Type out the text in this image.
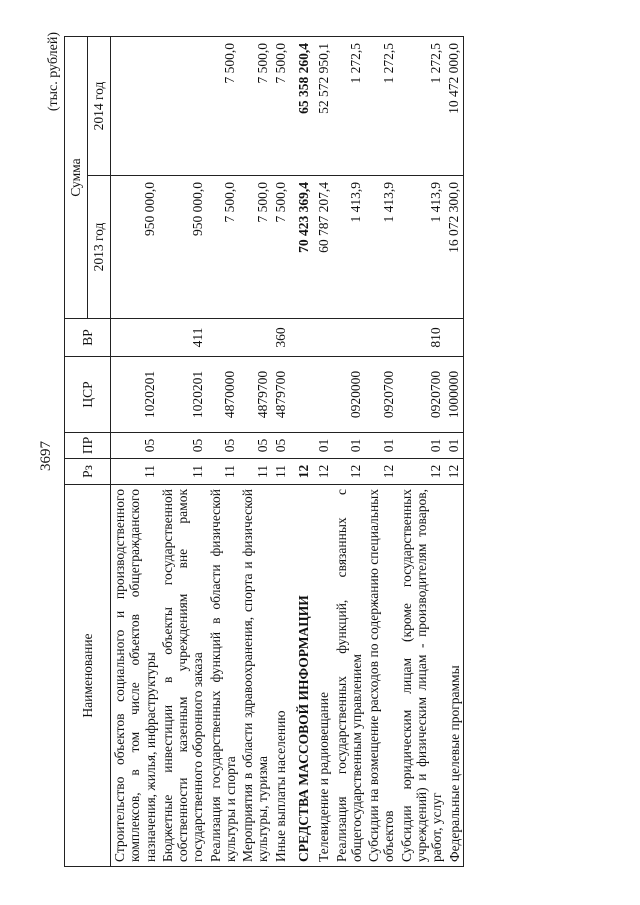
3697
(тыс. рублей)
Наименование	Рз	ПР	ЦСР	ВР	Сумма	
					2013 год	2014 год
Строительство объектов социального и производственного комплексов, в том числе объектов общегражданского назначения, жилья, инфраструктуры	11	05	1020201		950 000,0	
Бюджетные инвестиции в объекты государственной собственности казенным учреждениям вне рамок государственного оборонного заказа	11	05	1020201	411	950 000,0	
Реализация государственных функций в области физической культуры и спорта	11	05	4870000		7 500,0	7 500,0
Мероприятия в области здравоохранения, спорта и физической культуры, туризма	11	05	4879700		7 500,0	7 500,0
Иные выплаты населению	11	05	4879700	360	7 500,0	7 500,0
СРЕДСТВА МАССОВОЙ ИНФОРМАЦИИ	12				70 423 369,4	65 358 260,4
Телевидение и радиовещание	12	01			60 787 207,4	52 572 950,1
Реализация государственных функций, связанных с общегосударственным управлением	12	01	0920000		1 413,9	1 272,5
Субсидии на возмещение расходов по содержанию специальных объектов	12	01	0920700		1 413,9	1 272,5
Субсидии юридическим лицам (кроме государственных учреждений) и физическим лицам - производителям товаров, работ, услуг	12	01	0920700	810	1 413,9	1 272,5
Федеральные целевые программы	12	01	1000000		16 072 300,0	10 472 000,0
